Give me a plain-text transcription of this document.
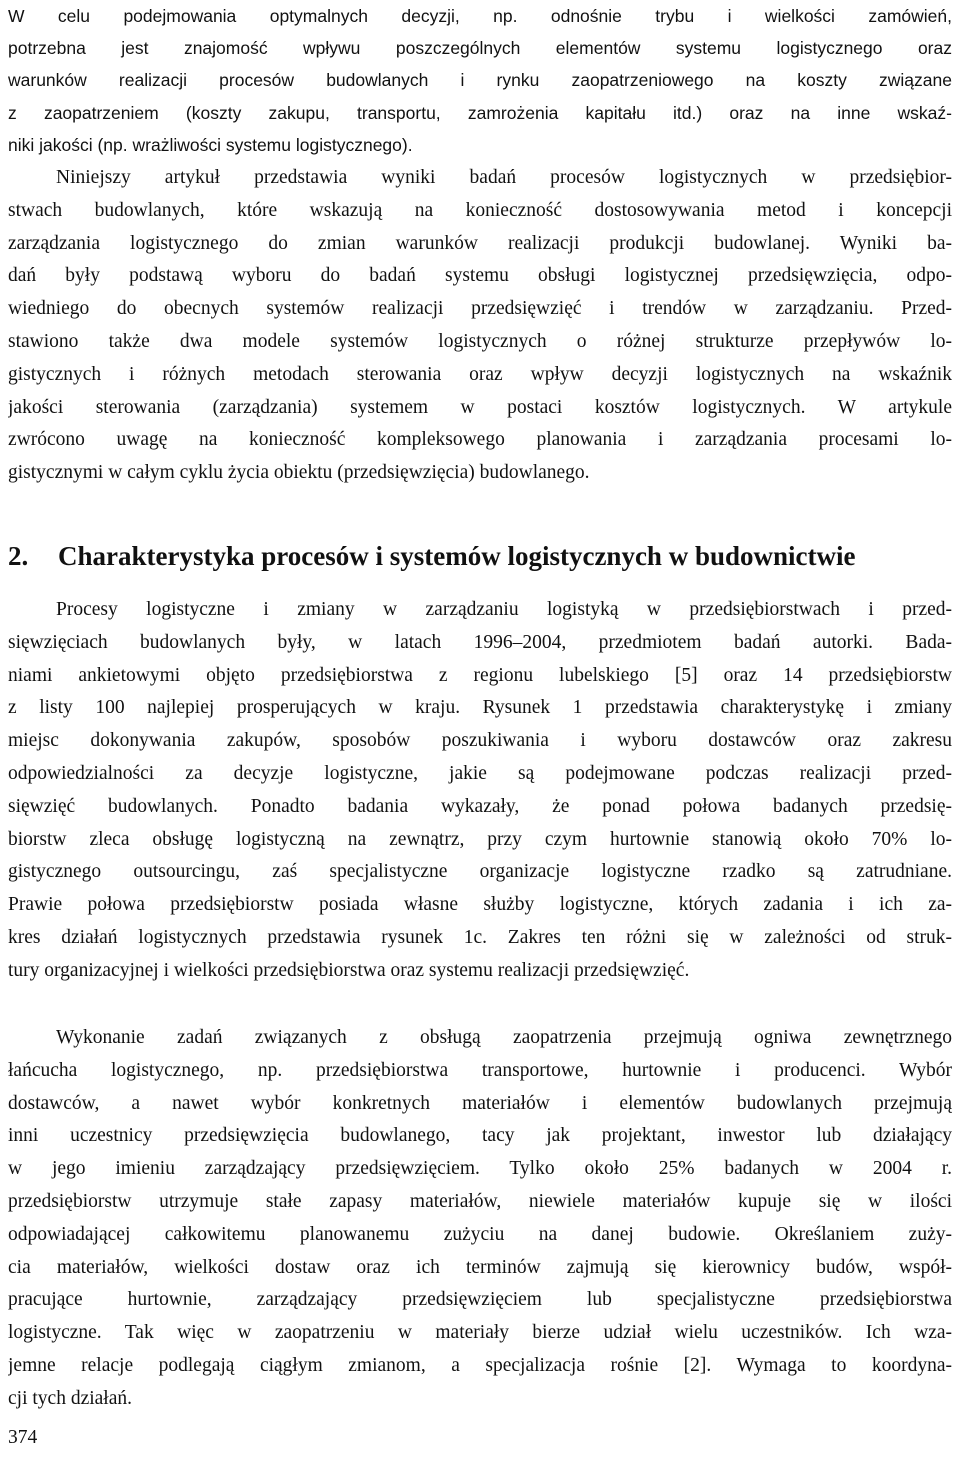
W celu podejmowania optymalnych decyzji, np. odnośnie trybu i wielkości zamówień,
potrzebna jest znajomość wpływu poszczególnych elementów systemu logistycznego oraz
warunków realizacji procesów budowlanych i rynku zaopatrzeniowego na koszty związane
z zaopatrzeniem (koszty zakupu, transportu, zamrożenia kapitału itd.) oraz na inne wskaź-
niki jakości (np. wrażliwości systemu logistycznego).
Niniejszy artykuł przedstawia wyniki badań procesów logistycznych w przedsiębior-
stwach budowlanych, które wskazują na konieczność dostosowywania metod i koncepcji
zarządzania logistycznego do zmian warunków realizacji produkcji budowlanej. Wyniki ba-
dań były podstawą wyboru do badań systemu obsługi logistycznej przedsięwzięcia, odpo-
wiedniego do obecnych systemów realizacji przedsięwzięć i trendów w zarządzaniu. Przed-
stawiono także dwa modele systemów logistycznych o różnej strukturze przepływów lo-
gistycznych i różnych metodach sterowania oraz wpływ decyzji logistycznych na wskaźnik
jakości sterowania (zarządzania) systemem w postaci kosztów logistycznych. W artykule
zwrócono uwagę na konieczność kompleksowego planowania i zarządzania procesami lo-
gistycznymi w całym cyklu życia obiektu (przedsięwzięcia) budowlanego.
2. Charakterystyka procesów i systemów logistycznych w budownictwie
Procesy logistyczne i zmiany w zarządzaniu logistyką w przedsiębiorstwach i przed-
sięwzięciach budowlanych były, w latach 1996–2004, przedmiotem badań autorki. Bada-
niami ankietowymi objęto przedsiębiorstwa z regionu lubelskiego [5] oraz 14 przedsiębiorstw
z listy 100 najlepiej prosperujących w kraju. Rysunek 1 przedstawia charakterystykę i zmiany
miejsc dokonywania zakupów, sposobów poszukiwania i wyboru dostawców oraz zakresu
odpowiedzialności za decyzje logistyczne, jakie są podejmowane podczas realizacji przed-
sięwzięć budowlanych. Ponadto badania wykazały, że ponad połowa badanych przedsię-
biorstw zleca obsługę logistyczną na zewnątrz, przy czym hurtownie stanowią około 70% lo-
gistycznego outsourcingu, zaś specjalistyczne organizacje logistyczne rzadko są zatrudniane.
Prawie połowa przedsiębiorstw posiada własne służby logistyczne, których zadania i ich za-
kres działań logistycznych przedstawia rysunek 1c. Zakres ten różni się w zależności od struk-
tury organizacyjnej i wielkości przedsiębiorstwa oraz systemu realizacji przedsięwzięć.
Wykonanie zadań związanych z obsługą zaopatrzenia przejmują ogniwa zewnętrznego
łańcucha logistycznego, np. przedsiębiorstwa transportowe, hurtownie i producenci. Wybór
dostawców, a nawet wybór konkretnych materiałów i elementów budowlanych przejmują
inni uczestnicy przedsięwzięcia budowlanego, tacy jak projektant, inwestor lub działający
w jego imieniu zarządzający przedsięwzięciem. Tylko około 25% badanych w 2004 r.
przedsiębiorstw utrzymuje stałe zapasy materiałów, niewiele materiałów kupuje się w ilości
odpowiadającej całkowitemu planowanemu zużyciu na danej budowie. Określaniem zuży-
cia materiałów, wielkości dostaw oraz ich terminów zajmują się kierownicy budów, współ-
pracujące hurtownie, zarządzający przedsięwzięciem lub specjalistyczne przedsiębiorstwa
logistyczne. Tak więc w zaopatrzeniu w materiały bierze udział wielu uczestników. Ich wza-
jemne relacje podlegają ciągłym zmianom, a specjalizacja rośnie [2]. Wymaga to koordyna-
cji tych działań.
374
